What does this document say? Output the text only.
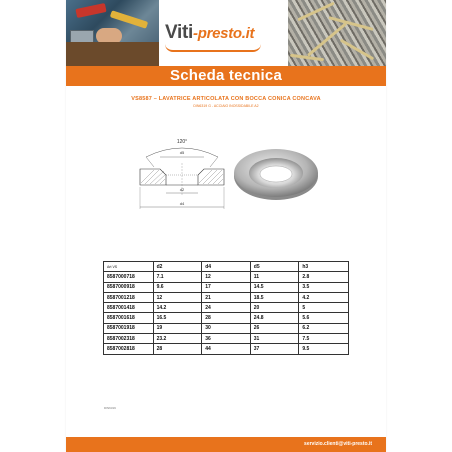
Viti-presto.it
Scheda tecnica
VS8587 – LAVATRICE ARTICOLATA CON BOCCA CONICA CONCAVA
DIN6319 G - ACCIAIO INOSSIDABILE A2
120°
d5
d2
d4
Art VS	d2	d4	d5	h3
8587000718	7.1	12	11	2.8
8587000918	9.6	17	14.5	3.5
8587001218	12	21	18.5	4.2
8587001418	14.2	24	20	5
8587001618	16.5	28	24.8	5.6
8587001918	19	30	26	6.2
8587002318	23.2	36	31	7.5
8587002818	28	44	37	9.5
DIN6319
servizio.clienti@viti-presto.it
